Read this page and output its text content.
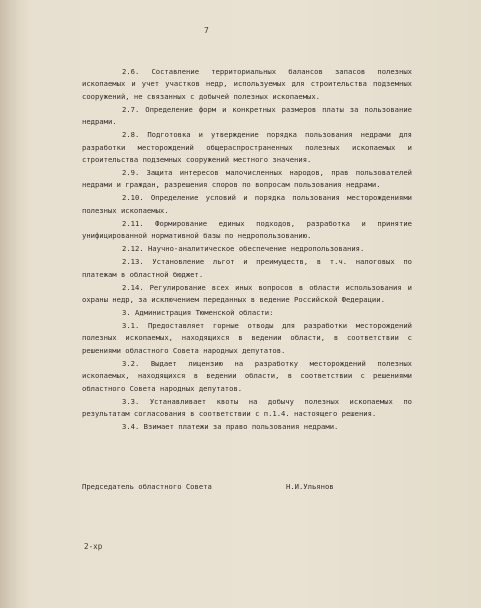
7

2.6. Составление территориальных балансов запасов полезных ископаемых и учет участков недр, используемых для строительства подземных сооружений, не связанных с добычей полезных ископаемых.

2.7. Определение форм и конкретных размеров платы за пользование недрами.

2.8. Подготовка и утверждение порядка пользования недрами для разработки месторождений общераспространенных полезных ископаемых и строительства подземных сооружений местного значения.

2.9. Защита интересов малочисленных народов, прав пользователей недрами и граждан, разрешения споров по вопросам пользования недрами.

2.10. Определение условий и порядка пользования месторождениями полезных ископаемых.

2.11. Формирование единых подходов, разработка и принятие унифицированной нормативной базы по недропользованию.

2.12. Научно-аналитическое обеспечение недропользования.

2.13. Установление льгот и преимуществ, в т.ч. налоговых по платежам в областной бюджет.

2.14. Регулирование всех иных вопросов в области использования и охраны недр, за исключением переданных в ведение Российской Федерации.

3. Администрация Тюменской области:

3.1. Предоставляет горные отводы для разработки месторождений полезных ископаемых, находящихся в ведении области, в соответствии с решениями областного Совета народных депутатов.

3.2. Выдает лицензию на разработку месторождений полезных ископаемых, находящихся в ведении области, в соответствии с решениями областного Совета народных депутатов.

3.3. Устанавливает квоты на добычу полезных ископаемых по результатам согласования в соответствии с п.1.4. настоящего решения.

3.4. Взимает платежи за право пользования недрами.

Председатель областного Совета	Н.И.Ульянов
2-хр
